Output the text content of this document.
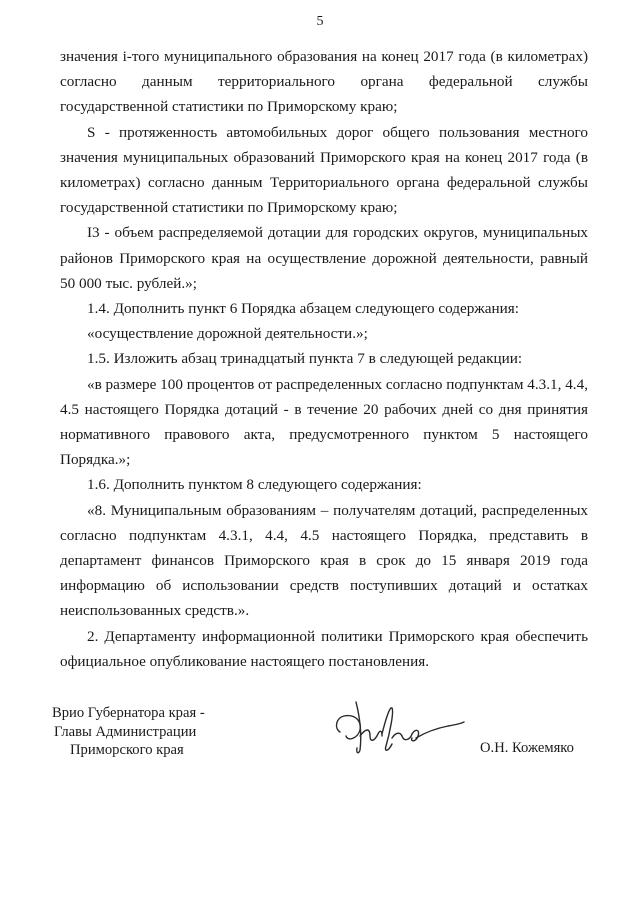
5

значения i-того муниципального образования на конец 2017 года (в километрах) согласно данным территориального органа федеральной службы государственной статистики по Приморскому краю;

S - протяженность автомобильных дорог общего пользования местного значения муниципальных образований Приморского края на конец 2017 года (в километрах) согласно данным Территориального органа федеральной службы государственной статистики по Приморскому краю;

I3 - объем распределяемой дотации для городских округов, муниципальных районов Приморского края на осуществление дорожной деятельности, равный 50 000 тыс. рублей.»;

1.4. Дополнить пункт 6 Порядка абзацем следующего содержания:

«осуществление дорожной деятельности.»;

1.5. Изложить абзац тринадцатый пункта 7 в следующей редакции:

«в размере 100 процентов от распределенных согласно подпунктам 4.3.1, 4.4, 4.5 настоящего Порядка дотаций - в течение 20 рабочих дней со дня принятия нормативного правового акта, предусмотренного пунктом 5 настоящего Порядка.»;

1.6. Дополнить пунктом 8 следующего содержания:

«8. Муниципальным образованиям – получателям дотаций, распределенных согласно подпунктам 4.3.1, 4.4, 4.5 настоящего Порядка, представить в департамент финансов Приморского края в срок до 15 января 2019 года информацию об использовании средств поступивших дотаций и остатках неиспользованных средств.».

2. Департаменту информационной политики Приморского края обеспечить официальное опубликование настоящего постановления.

Врио Губернатора края -
Главы Администрации
Приморского края	О.Н. Кожемяко
